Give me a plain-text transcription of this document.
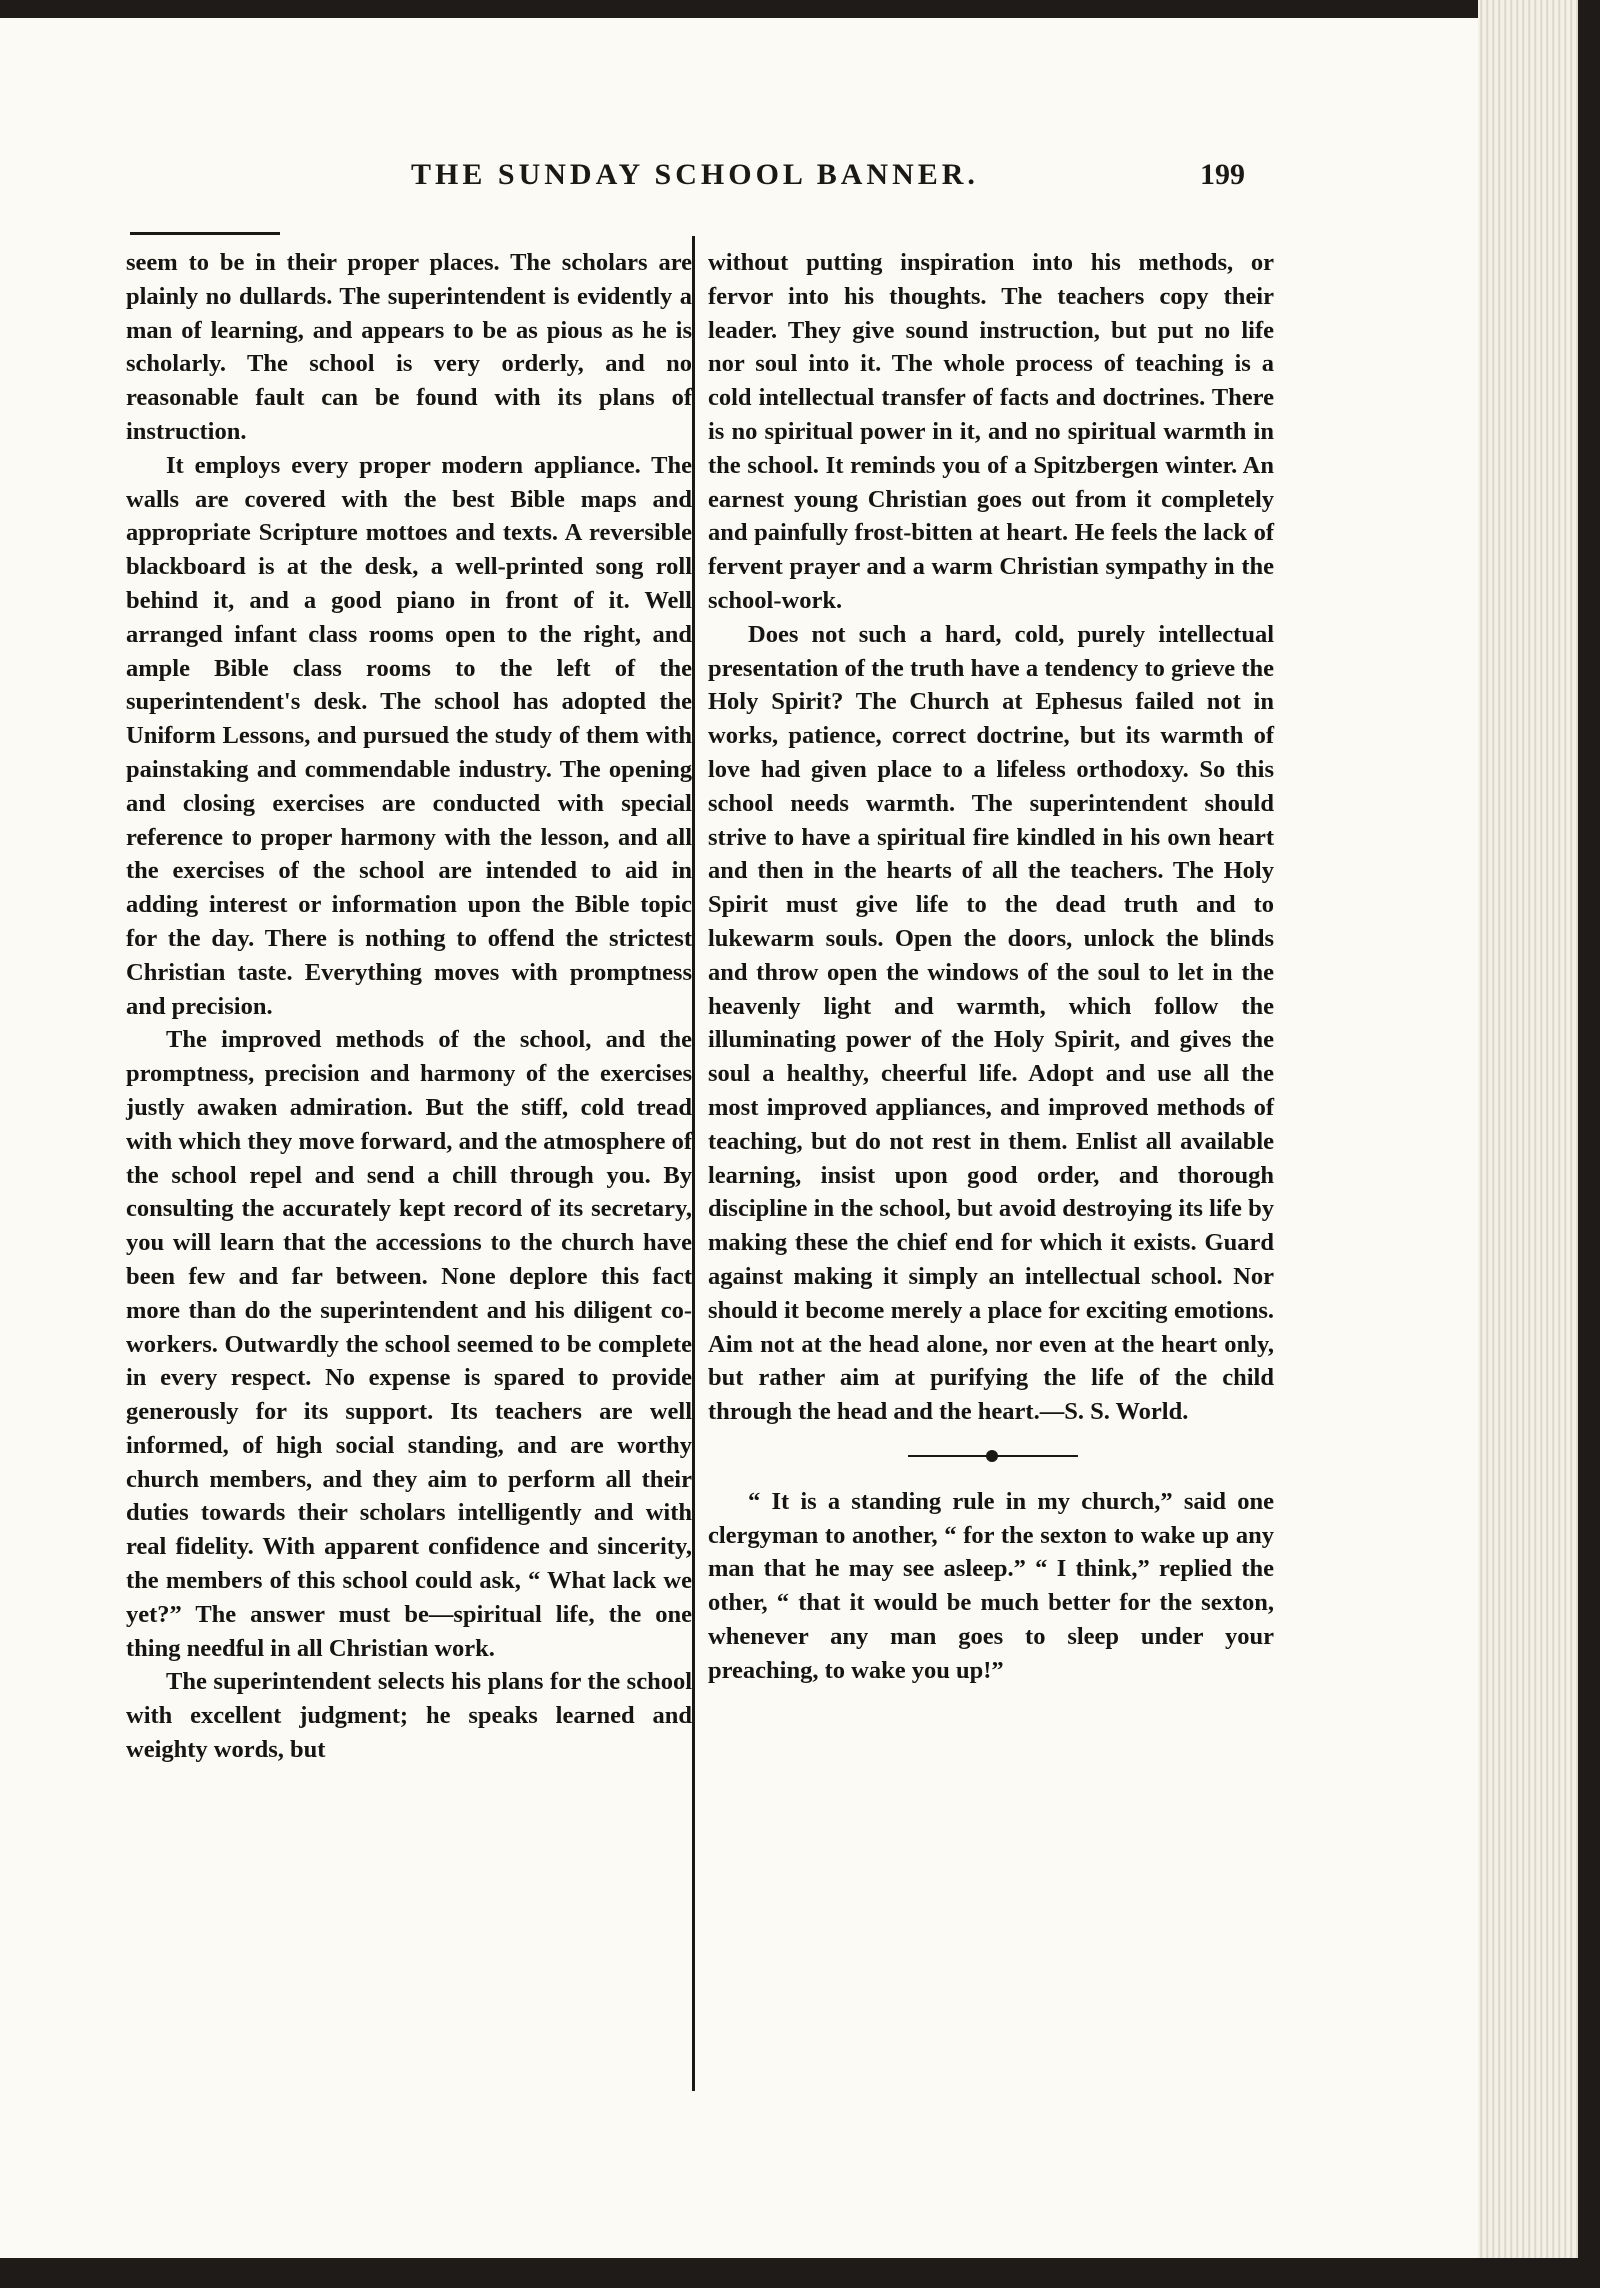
THE SUNDAY SCHOOL BANNER.	199

seem to be in their proper places. The scholars are plainly no dullards. The superintendent is evidently a man of learning, and appears to be as pious as he is scholarly. The school is very orderly, and no reasonable fault can be found with its plans of instruction.

It employs every proper modern appliance. The walls are covered with the best Bible maps and appropriate Scripture mottoes and texts. A reversible blackboard is at the desk, a well-printed song roll behind it, and a good piano in front of it. Well arranged infant class rooms open to the right, and ample Bible class rooms to the left of the superintendent's desk. The school has adopted the Uniform Lessons, and pursued the study of them with painstaking and commendable industry. The opening and closing exercises are conducted with special reference to proper harmony with the lesson, and all the exercises of the school are intended to aid in adding interest or information upon the Bible topic for the day. There is nothing to offend the strictest Christian taste. Everything moves with promptness and precision.

The improved methods of the school, and the promptness, precision and harmony of the exercises justly awaken admiration. But the stiff, cold tread with which they move forward, and the atmosphere of the school repel and send a chill through you. By consulting the accurately kept record of its secretary, you will learn that the accessions to the church have been few and far between. None deplore this fact more than do the superintendent and his diligent co-workers. Outwardly the school seemed to be complete in every respect. No expense is spared to provide generously for its support. Its teachers are well informed, of high social standing, and are worthy church members, and they aim to perform all their duties towards their scholars intelligently and with real fidelity. With apparent confidence and sincerity, the members of this school could ask, “ What lack we yet?” The answer must be—spiritual life, the one thing needful in all Christian work.

The superintendent selects his plans for the school with excellent judgment; he speaks learned and weighty words, but

without putting inspiration into his methods, or fervor into his thoughts. The teachers copy their leader. They give sound instruction, but put no life nor soul into it. The whole process of teaching is a cold intellectual transfer of facts and doctrines. There is no spiritual power in it, and no spiritual warmth in the school. It reminds you of a Spitzbergen winter. An earnest young Christian goes out from it completely and painfully frost-bitten at heart. He feels the lack of fervent prayer and a warm Christian sympathy in the school-work.

Does not such a hard, cold, purely intellectual presentation of the truth have a tendency to grieve the Holy Spirit? The Church at Ephesus failed not in works, patience, correct doctrine, but its warmth of love had given place to a lifeless orthodoxy. So this school needs warmth. The superintendent should strive to have a spiritual fire kindled in his own heart and then in the hearts of all the teachers. The Holy Spirit must give life to the dead truth and to lukewarm souls. Open the doors, unlock the blinds and throw open the windows of the soul to let in the heavenly light and warmth, which follow the illuminating power of the Holy Spirit, and gives the soul a healthy, cheerful life. Adopt and use all the most improved appliances, and improved methods of teaching, but do not rest in them. Enlist all available learning, insist upon good order, and thorough discipline in the school, but avoid destroying its life by making these the chief end for which it exists. Guard against making it simply an intellectual school. Nor should it become merely a place for exciting emotions. Aim not at the head alone, nor even at the heart only, but rather aim at purifying the life of the child through the head and the heart.—S. S. World.

“ It is a standing rule in my church,” said one clergyman to another, “ for the sexton to wake up any man that he may see asleep.” “ I think,” replied the other, “ that it would be much better for the sexton, whenever any man goes to sleep under your preaching, to wake you up!”
